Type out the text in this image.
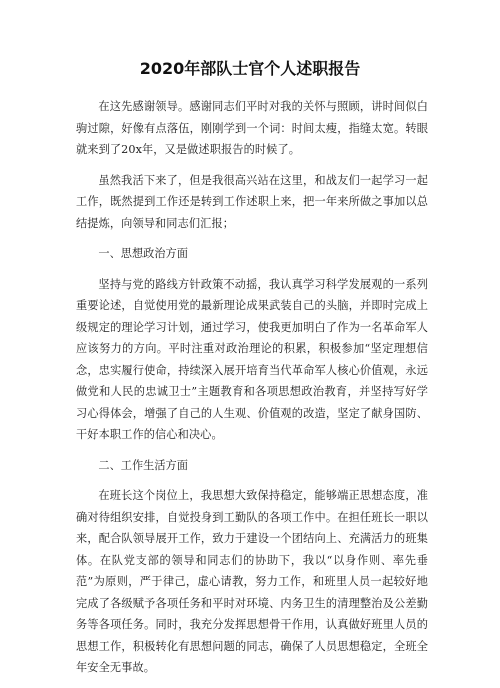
2020年部队士官个人述职报告

在这先感谢领导。感谢同志们平时对我的关怀与照顾，讲时间似白驹过隙，好像有点落伍，刚刚学到一个词：时间太瘦，指缝太宽。转眼就来到了20x年，又是做述职报告的时候了。

虽然我活下来了，但是我很高兴站在这里，和战友们一起学习一起工作，既然提到工作还是转到工作述职上来，把一年来所做之事加以总结提炼，向领导和同志们汇报；

一、思想政治方面

坚持与党的路线方针政策不动摇，我认真学习科学发展观的一系列重要论述，自觉使用党的最新理论成果武装自己的头脑，并即时完成上级规定的理论学习计划，通过学习，使我更加明白了作为一名革命军人应该努力的方向。平时注重对政治理论的积累，积极参加“坚定理想信念，忠实履行使命，持续深入展开培育当代革命军人核心价值观，永远做党和人民的忠诚卫士”主题教育和各项思想政治教育，并坚持写好学习心得体会，增强了自己的人生观、价值观的改造，坚定了献身国防、干好本职工作的信心和决心。

二、工作生活方面

在班长这个岗位上，我思想大致保持稳定，能够端正思想态度，准确对待组织安排，自觉投身到工勤队的各项工作中。在担任班长一职以来，配合队领导展开工作，致力于建设一个团结向上、充满活力的班集体。在队党支部的领导和同志们的协助下，我以“以身作则、率先垂范”为原则，严于律己，虚心请教，努力工作，和班里人员一起较好地完成了各级赋予各项任务和平时对环境、内务卫生的清理整治及公差勤务等各项任务。同时，我充分发挥思想骨干作用，认真做好班里人员的思想工作，积极转化有思想问题的同志，确保了人员思想稳定，全班全年安全无事故。
